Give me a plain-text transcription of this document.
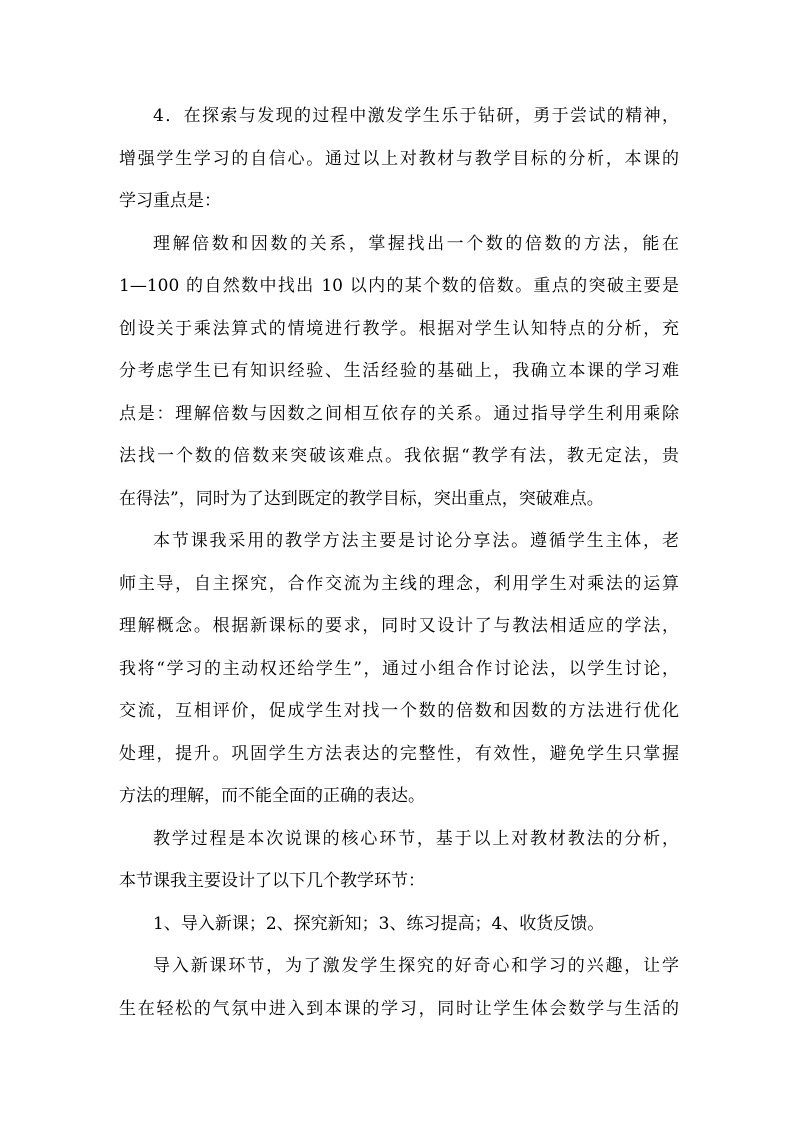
4．在探索与发现的过程中激发学生乐于钻研，勇于尝试的精神，
增强学生学习的自信心。通过以上对教材与教学目标的分析，本课的
学习重点是：
理解倍数和因数的关系，掌握找出一个数的倍数的方法，能在
1—100 的自然数中找出 10 以内的某个数的倍数。重点的突破主要是
创设关于乘法算式的情境进行教学。根据对学生认知特点的分析，充
分考虑学生已有知识经验、生活经验的基础上，我确立本课的学习难
点是：理解倍数与因数之间相互依存的关系。通过指导学生利用乘除
法找一个数的倍数来突破该难点。我依据“教学有法，教无定法，贵
在得法”，同时为了达到既定的教学目标，突出重点，突破难点。
本节课我采用的教学方法主要是讨论分享法。遵循学生主体，老
师主导，自主探究，合作交流为主线的理念，利用学生对乘法的运算
理解概念。根据新课标的要求，同时又设计了与教法相适应的学法，
我将“学习的主动权还给学生”，通过小组合作讨论法，以学生讨论，
交流，互相评价，促成学生对找一个数的倍数和因数的方法进行优化
处理，提升。巩固学生方法表达的完整性，有效性，避免学生只掌握
方法的理解，而不能全面的正确的表达。
教学过程是本次说课的核心环节，基于以上对教材教法的分析，
本节课我主要设计了以下几个教学环节：
1、导入新课；2、探究新知；3、练习提高；4、收货反馈。
导入新课环节，为了激发学生探究的好奇心和学习的兴趣，让学
生在轻松的气氛中进入到本课的学习，同时让学生体会数学与生活的
